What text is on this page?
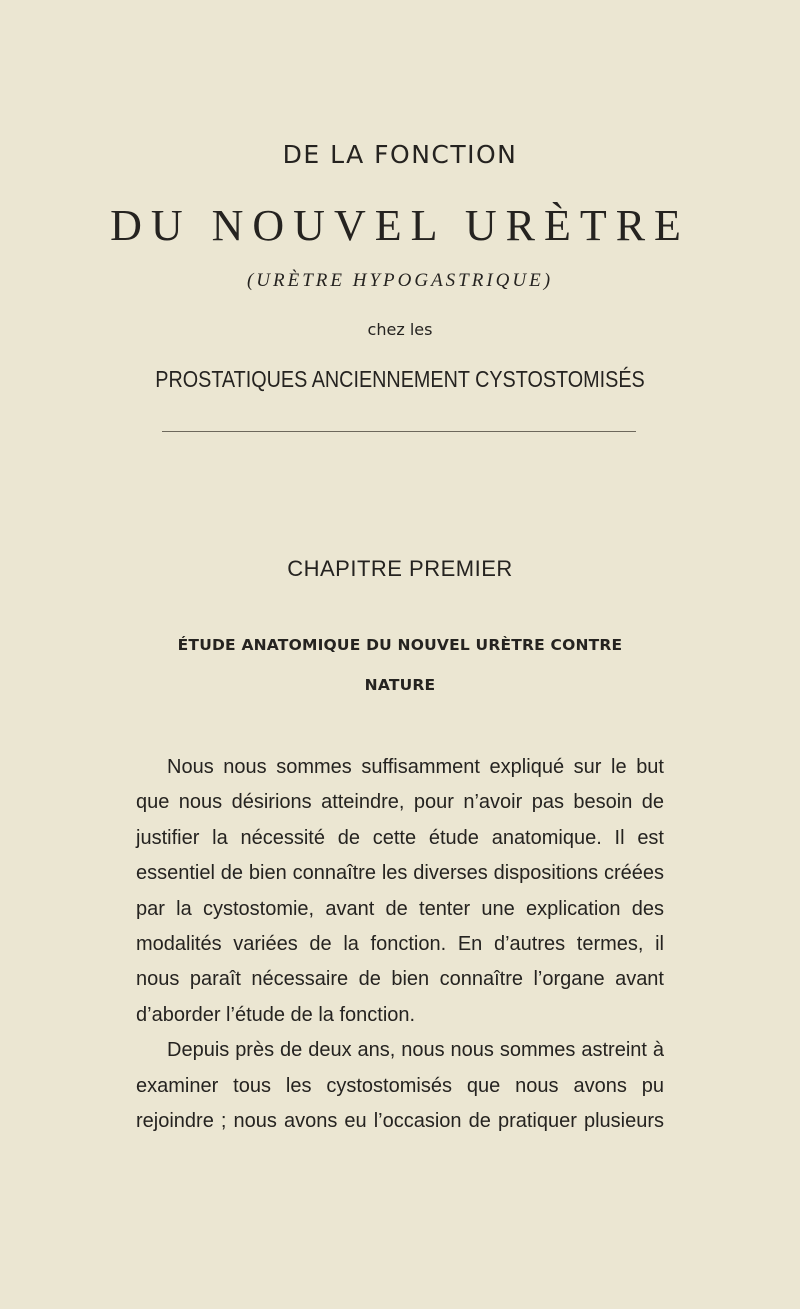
DE LA FONCTION
DU NOUVEL URÈTRE
(URÈTRE HYPOGASTRIQUE)
chez les
PROSTATIQUES ANCIENNEMENT CYSTOSTOMISÉS
CHAPITRE PREMIER
ÉTUDE ANATOMIQUE DU NOUVEL URÈTRE CONTRE
NATURE
Nous nous sommes suffisamment expliqué sur le but
que nous désirions atteindre, pour n’avoir pas besoin de
justifier la nécessité de cette étude anatomique. Il est
essentiel de bien connaître les diverses dispositions créées
par la cystostomie, avant de tenter une explication des
modalités variées de la fonction. En d’autres termes, il
nous paraît nécessaire de bien connaître l’organe avant
d’aborder l’étude de la fonction.
Depuis près de deux ans, nous nous sommes astreint à
examiner tous les cystostomisés que nous avons pu
rejoindre ; nous avons eu l’occasion de pratiquer plusieurs
